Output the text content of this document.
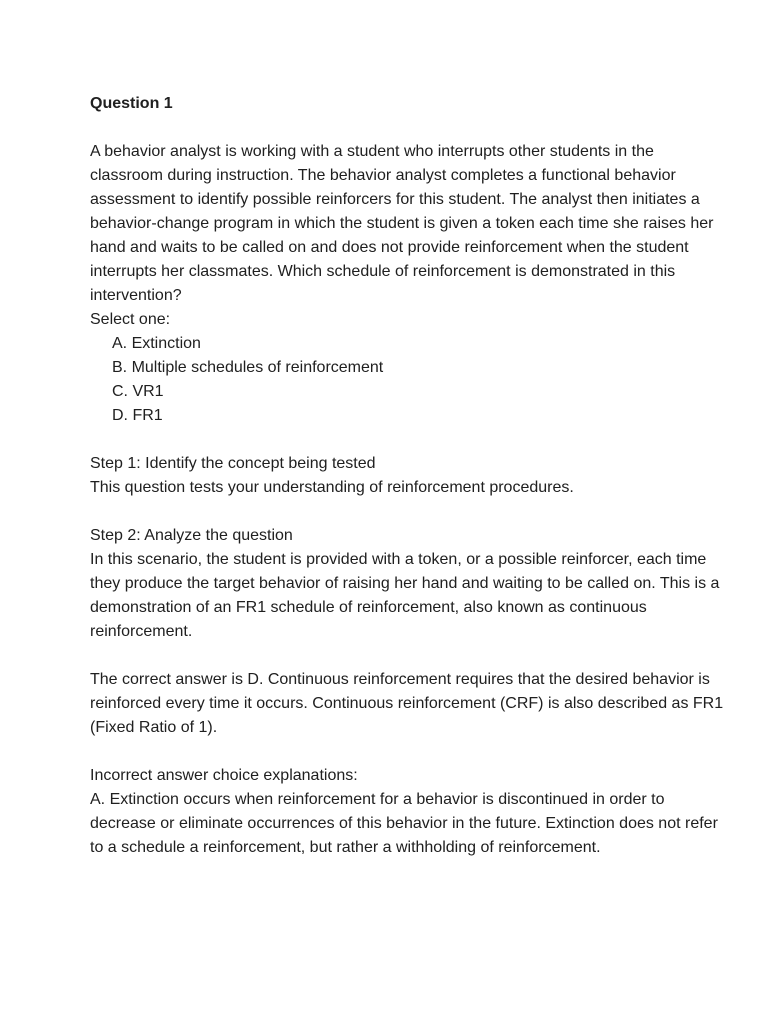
Question 1

A behavior analyst is working with a student who interrupts other students in the classroom during instruction. The behavior analyst completes a functional behavior assessment to identify possible reinforcers for this student. The analyst then initiates a behavior-change program in which the student is given a token each time she raises her hand and waits to be called on and does not provide reinforcement when the student interrupts her classmates. Which schedule of reinforcement is demonstrated in this intervention?

Select one:

A. Extinction
B. Multiple schedules of reinforcement
C. VR1
D. FR1

Step 1: Identify the concept being tested

This question tests your understanding of reinforcement procedures.

Step 2: Analyze the question

In this scenario, the student is provided with a token, or a possible reinforcer, each time they produce the target behavior of raising her hand and waiting to be called on. This is a demonstration of an FR1 schedule of reinforcement, also known as continuous reinforcement.

The correct answer is D. Continuous reinforcement requires that the desired behavior is reinforced every time it occurs. Continuous reinforcement (CRF) is also described as FR1 (Fixed Ratio of 1).

Incorrect answer choice explanations:

A. Extinction occurs when reinforcement for a behavior is discontinued in order to decrease or eliminate occurrences of this behavior in the future. Extinction does not refer to a schedule a reinforcement, but rather a withholding of reinforcement.
